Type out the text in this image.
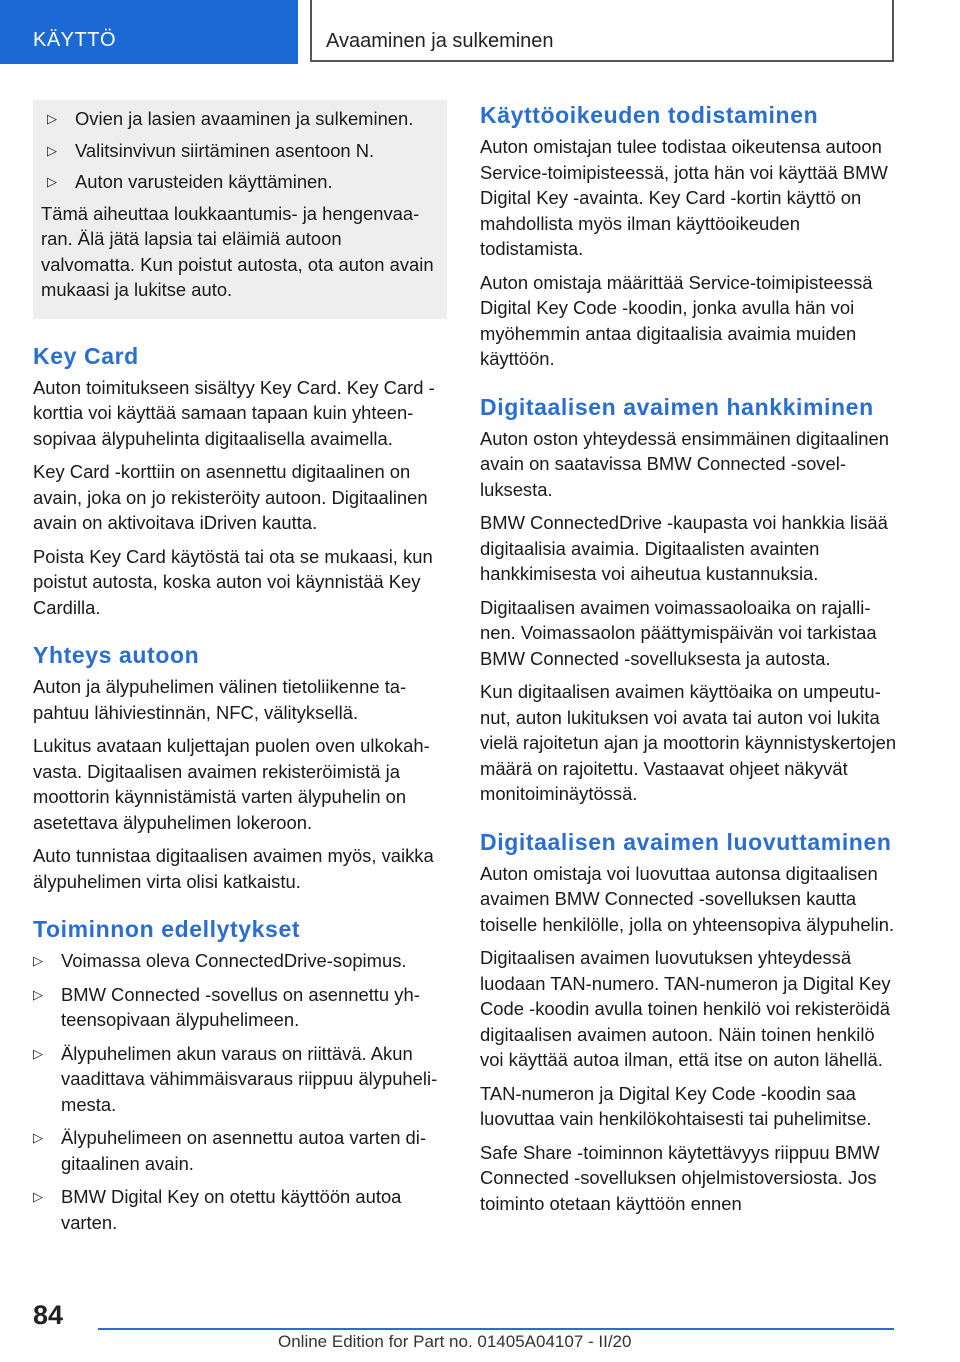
KÄYTTÖ	Avaaminen ja sulkeminen
▷ Ovien ja lasien avaaminen ja sulkeminen.
▷ Valitsinvivun siirtäminen asentoon N.
▷ Auton varusteiden käyttäminen.

Tämä aiheuttaa loukkaantumis- ja hengenvaaran. Älä jätä lapsia tai eläimiä autoon valvomatta. Kun poistut autosta, ota auton avain mukaasi ja lukitse auto.

Key Card

Auton toimitukseen sisältyy Key Card. Key Card -korttia voi käyttää samaan tapaan kuin yhteensopivaa älypuhelinta digitaalisella avaimella.

Key Card -korttiin on asennettu digitaalinen on avain, joka on jo rekisteröity autoon. Digitaalinen avain on aktivoitava iDriven kautta.

Poista Key Card käytöstä tai ota se mukaasi, kun poistut autosta, koska auton voi käynnistää Key Cardilla.

Yhteys autoon

Auton ja älypuhelimen välinen tietoliikenne tapahtuu lähiviestinnän, NFC, välityksellä.

Lukitus avataan kuljettajan puolen oven ulkokahvasta. Digitaalisen avaimen rekisteröimistä ja moottorin käynnistämistä varten älypuhelin on asetettava älypuhelimen lokeroon.

Auto tunnistaa digitaalisen avaimen myös, vaikka älypuhelimen virta olisi katkaistu.

Toiminnon edellytykset
▷ Voimassa oleva ConnectedDrive-sopimus.
▷ BMW Connected -sovellus on asennettu yhteensopivaan älypuhelimeen.
▷ Älypuhelimen akun varaus on riittävä. Akun vaadittava vähimmäisvaraus riippuu älypuhelimesta.
▷ Älypuhelimeen on asennettu autoa varten digitaalinen avain.
▷ BMW Digital Key on otettu käyttöön autoa varten.
Käyttöoikeuden todistaminen

Auton omistajan tulee todistaa oikeutensa autoon Service-toimipisteessä, jotta hän voi käyttää BMW Digital Key -avainta. Key Card -kortin käyttö on mahdollista myös ilman käyttöoikeuden todistamista.

Auton omistaja määrittää Service-toimipisteessä Digital Key Code -koodin, jonka avulla hän voi myöhemmin antaa digitaalisia avaimia muiden käyttöön.

Digitaalisen avaimen hankkiminen

Auton oston yhteydessä ensimmäinen digitaalinen avain on saatavissa BMW Connected -sovelluksesta.

BMW ConnectedDrive -kaupasta voi hankkia lisää digitaalisia avaimia. Digitaalisten avainten hankkimisesta voi aiheutua kustannuksia.

Digitaalisen avaimen voimassaoloaika on rajallinen. Voimassaolon päättymispäivän voi tarkistaa BMW Connected -sovelluksesta ja autosta.

Kun digitaalisen avaimen käyttöaika on umpeutunut, auton lukituksen voi avata tai auton voi lukita vielä rajoitetun ajan ja moottorin käynnistyskertojen määrä on rajoitettu. Vastaavat ohjeet näkyvät monitoiminäytössä.

Digitaalisen avaimen luovuttaminen

Auton omistaja voi luovuttaa autonsa digitaalisen avaimen BMW Connected -sovelluksen kautta toiselle henkilölle, jolla on yhteensopiva älypuhelin.

Digitaalisen avaimen luovutuksen yhteydessä luodaan TAN-numero. TAN-numeron ja Digital Key Code -koodin avulla toinen henkilö voi rekisteröidä digitaalisen avaimen autoon. Näin toinen henkilö voi käyttää autoa ilman, että itse on auton lähellä.

TAN-numeron ja Digital Key Code -koodin saa luovuttaa vain henkilökohtaisesti tai puhelimitse.

Safe Share -toiminnon käytettävyys riippuu BMW Connected -sovelluksen ohjelmistoversiosta. Jos toiminto otetaan käyttöön ennen

84
Online Edition for Part no. 01405A04107 - II/20
